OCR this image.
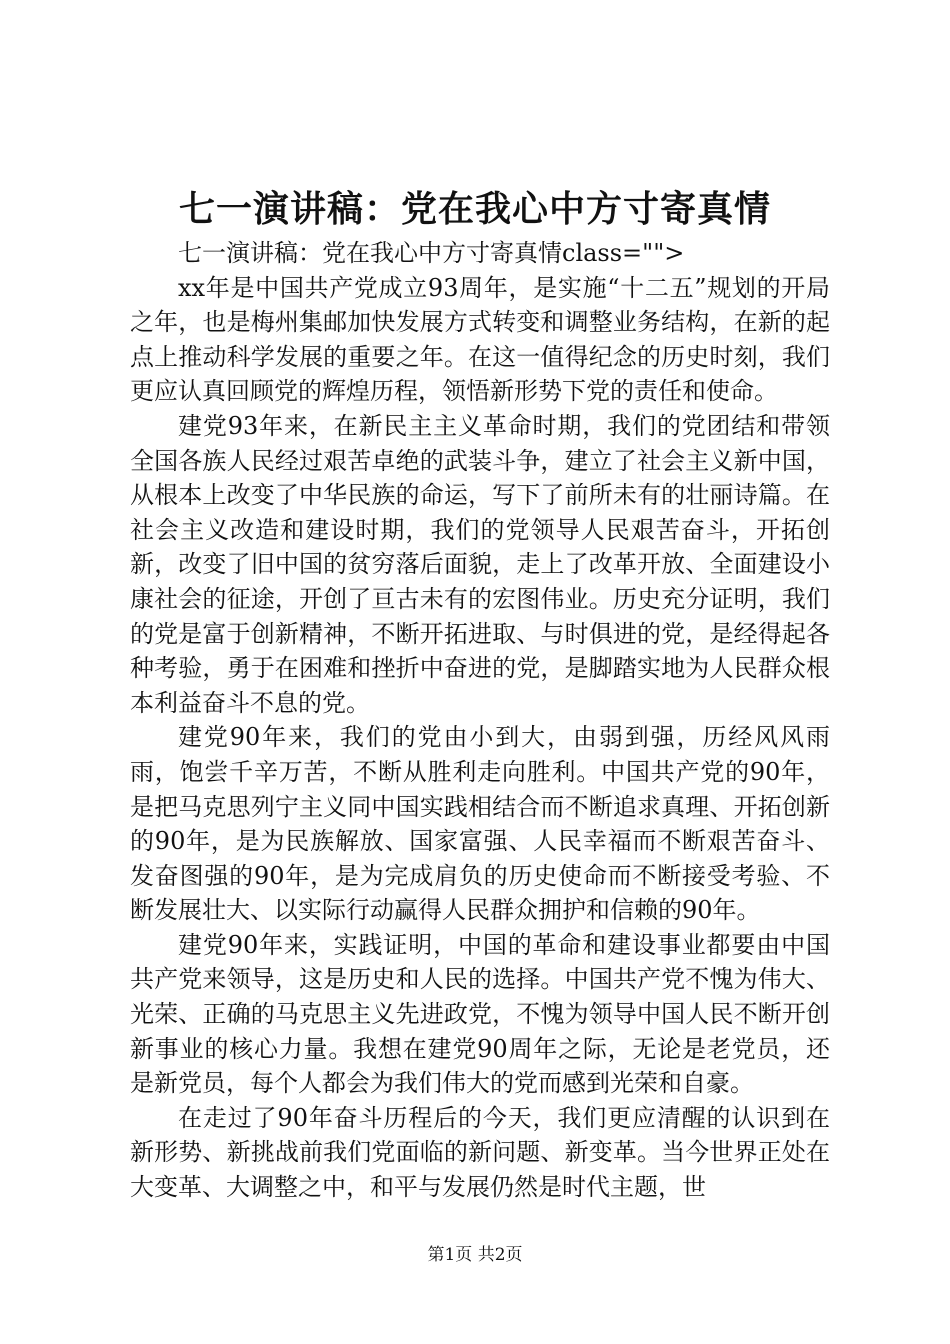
七一演讲稿：党在我心中方寸寄真情

七一演讲稿：党在我心中方寸寄真情class="">

xx年是中国共产党成立93周年，是实施“十二五”规划的开局之年，也是梅州集邮加快发展方式转变和调整业务结构，在新的起点上推动科学发展的重要之年。在这一值得纪念的历史时刻，我们更应认真回顾党的辉煌历程，领悟新形势下党的责任和使命。

建党93年来，在新民主主义革命时期，我们的党团结和带领全国各族人民经过艰苦卓绝的武装斗争，建立了社会主义新中国，从根本上改变了中华民族的命运，写下了前所未有的壮丽诗篇。在社会主义改造和建设时期，我们的党领导人民艰苦奋斗，开拓创新，改变了旧中国的贫穷落后面貌，走上了改革开放、全面建设小康社会的征途，开创了亘古未有的宏图伟业。历史充分证明，我们的党是富于创新精神，不断开拓进取、与时俱进的党，是经得起各种考验，勇于在困难和挫折中奋进的党，是脚踏实地为人民群众根本利益奋斗不息的党。

建党90年来，我们的党由小到大，由弱到强，历经风风雨雨，饱尝千辛万苦，不断从胜利走向胜利。中国共产党的90年，是把马克思列宁主义同中国实践相结合而不断追求真理、开拓创新的90年，是为民族解放、国家富强、人民幸福而不断艰苦奋斗、发奋图强的90年，是为完成肩负的历史使命而不断接受考验、不断发展壮大、以实际行动赢得人民群众拥护和信赖的90年。

建党90年来，实践证明，中国的革命和建设事业都要由中国共产党来领导，这是历史和人民的选择。中国共产党不愧为伟大、光荣、正确的马克思主义先进政党，不愧为领导中国人民不断开创新事业的核心力量。我想在建党90周年之际，无论是老党员，还是新党员，每个人都会为我们伟大的党而感到光荣和自豪。

在走过了90年奋斗历程后的今天，我们更应清醒的认识到在新形势、新挑战前我们党面临的新问题、新变革。当今世界正处在大变革、大调整之中，和平与发展仍然是时代主题，世

第1页 共2页
